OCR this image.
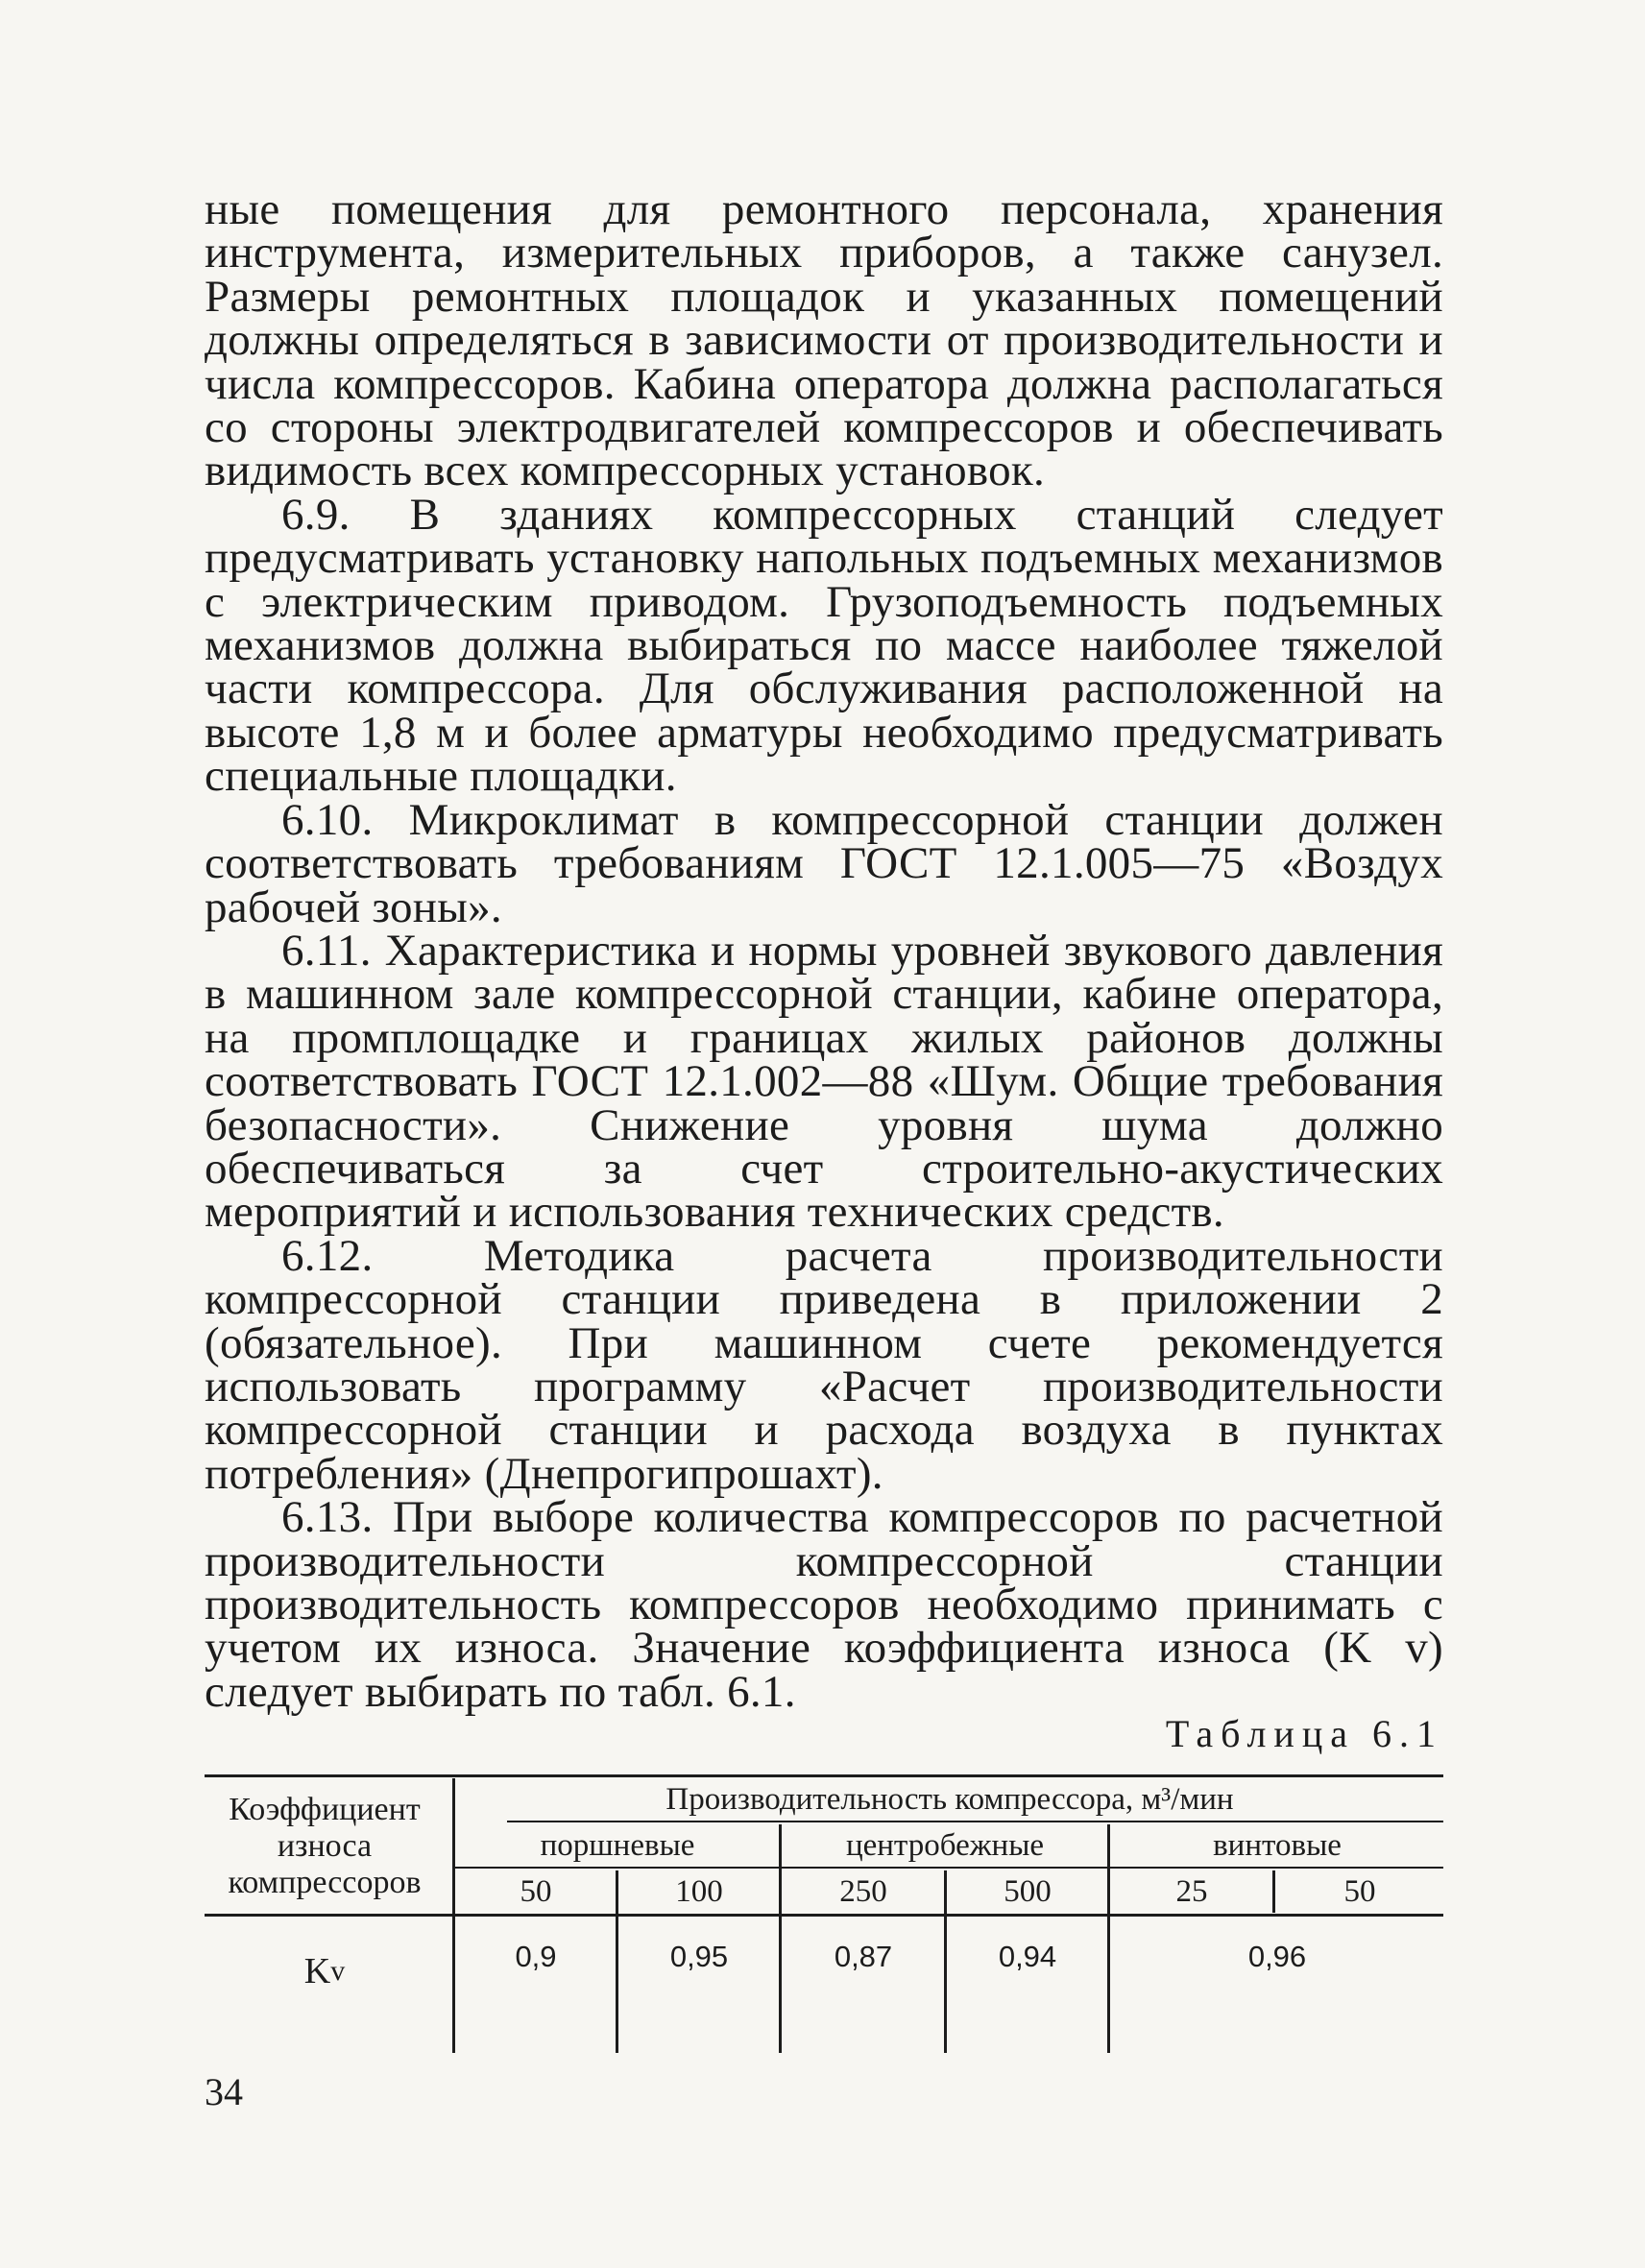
ные помещения для ремонтного персонала, хранения инструмента, измерительных приборов, а также санузел. Размеры ремонтных площадок и указанных помещений должны определяться в зависимости от производительности и числа компрессоров. Кабина оператора должна располагаться со стороны электродвигателей компрессоров и обеспечивать видимость всех компрессорных установок.

6.9. В зданиях компрессорных станций следует предусматривать установку напольных подъемных механизмов с электрическим приводом. Грузоподъемность подъемных механизмов должна выбираться по массе наиболее тяжелой части компрессора. Для обслуживания расположенной на высоте 1,8 м и более арматуры необходимо предусматривать специальные площадки.

6.10. Микроклимат в компрессорной станции должен соответствовать требованиям ГОСТ 12.1.005—75 «Воздух рабочей зоны».

6.11. Характеристика и нормы уровней звукового давления в машинном зале компрессорной станции, кабине оператора, на промплощадке и границах жилых районов должны соответствовать ГОСТ 12.1.002—88 «Шум. Общие требования безопасности». Снижение уровня шума должно обеспечиваться за счет строительно-акустических мероприятий и использования технических средств.

6.12. Методика расчета производительности компрессорной станции приведена в приложении 2 (обязательное). При машинном счете рекомендуется использовать программу «Расчет производительности компрессорной станции и расхода воздуха в пунктах потребления» (Днепрогипрошахт).

6.13. При выборе количества компрессоров по расчетной производительности компрессорной станции производительность компрессоров необходимо принимать с учетом их износа. Значение коэффициента износа (K v) следует выбирать по табл. 6.1.

Таблица 6.1
Коэффициент износа компрессоров
Производительность компрессора, м³/мин
поршневые	центробежные	винтовые
50	100	250	500	25	50
K v	0,9	0,95	0,87	0,94	0,96
34
